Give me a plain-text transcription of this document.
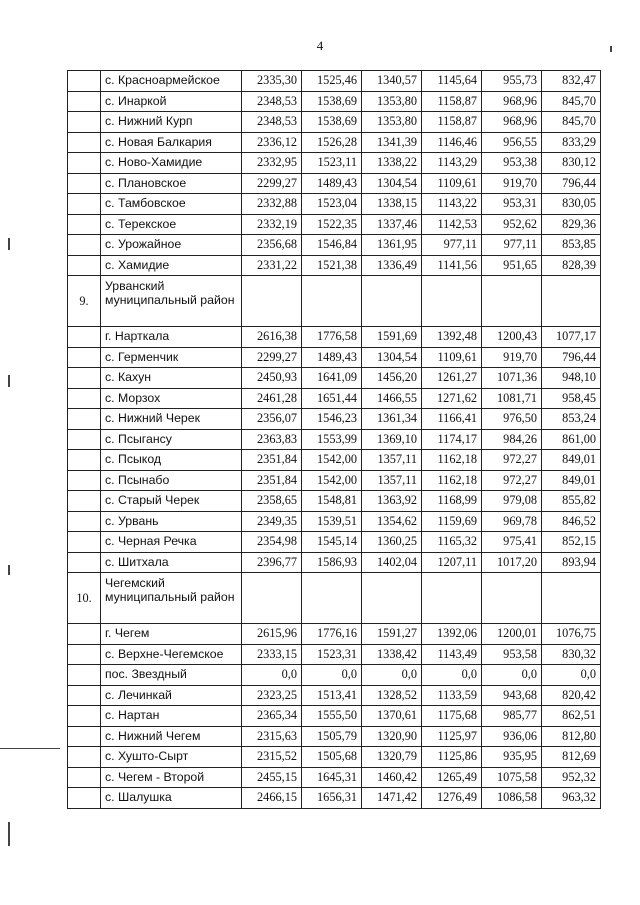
4
	с. Красноармейское	2335,30	1525,46	1340,57	1145,64	955,73	832,47
	с. Инаркой	2348,53	1538,69	1353,80	1158,87	968,96	845,70
	с. Нижний Курп	2348,53	1538,69	1353,80	1158,87	968,96	845,70
	с. Новая Балкария	2336,12	1526,28	1341,39	1146,46	956,55	833,29
	с. Ново-Хамидие	2332,95	1523,11	1338,22	1143,29	953,38	830,12
	с. Плановское	2299,27	1489,43	1304,54	1109,61	919,70	796,44
	с. Тамбовское	2332,88	1523,04	1338,15	1143,22	953,31	830,05
	с. Терекское	2332,19	1522,35	1337,46	1142,53	952,62	829,36
	с. Урожайное	2356,68	1546,84	1361,95	977,11	977,11	853,85
	с. Хамидие	2331,22	1521,38	1336,49	1141,56	951,65	828,39
9.	Урванский муниципальный район						
	г. Нарткала	2616,38	1776,58	1591,69	1392,48	1200,43	1077,17
	с. Герменчик	2299,27	1489,43	1304,54	1109,61	919,70	796,44
	с. Кахун	2450,93	1641,09	1456,20	1261,27	1071,36	948,10
	с. Морзох	2461,28	1651,44	1466,55	1271,62	1081,71	958,45
	с. Нижний Черек	2356,07	1546,23	1361,34	1166,41	976,50	853,24
	с. Псыгансу	2363,83	1553,99	1369,10	1174,17	984,26	861,00
	с. Псыкод	2351,84	1542,00	1357,11	1162,18	972,27	849,01
	с. Псынабо	2351,84	1542,00	1357,11	1162,18	972,27	849,01
	с. Старый Черек	2358,65	1548,81	1363,92	1168,99	979,08	855,82
	с. Урвань	2349,35	1539,51	1354,62	1159,69	969,78	846,52
	с. Черная Речка	2354,98	1545,14	1360,25	1165,32	975,41	852,15
	с. Шитхала	2396,77	1586,93	1402,04	1207,11	1017,20	893,94
10.	Чегемский муниципальный район						
	г. Чегем	2615,96	1776,16	1591,27	1392,06	1200,01	1076,75
	с. Верхне-Чегемское	2333,15	1523,31	1338,42	1143,49	953,58	830,32
	пос. Звездный	0,0	0,0	0,0	0,0	0,0	0,0
	с. Лечинкай	2323,25	1513,41	1328,52	1133,59	943,68	820,42
	с. Нартан	2365,34	1555,50	1370,61	1175,68	985,77	862,51
	с. Нижний Чегем	2315,63	1505,79	1320,90	1125,97	936,06	812,80
	с. Хушто-Сырт	2315,52	1505,68	1320,79	1125,86	935,95	812,69
	с. Чегем - Второй	2455,15	1645,31	1460,42	1265,49	1075,58	952,32
	с. Шалушка	2466,15	1656,31	1471,42	1276,49	1086,58	963,32
